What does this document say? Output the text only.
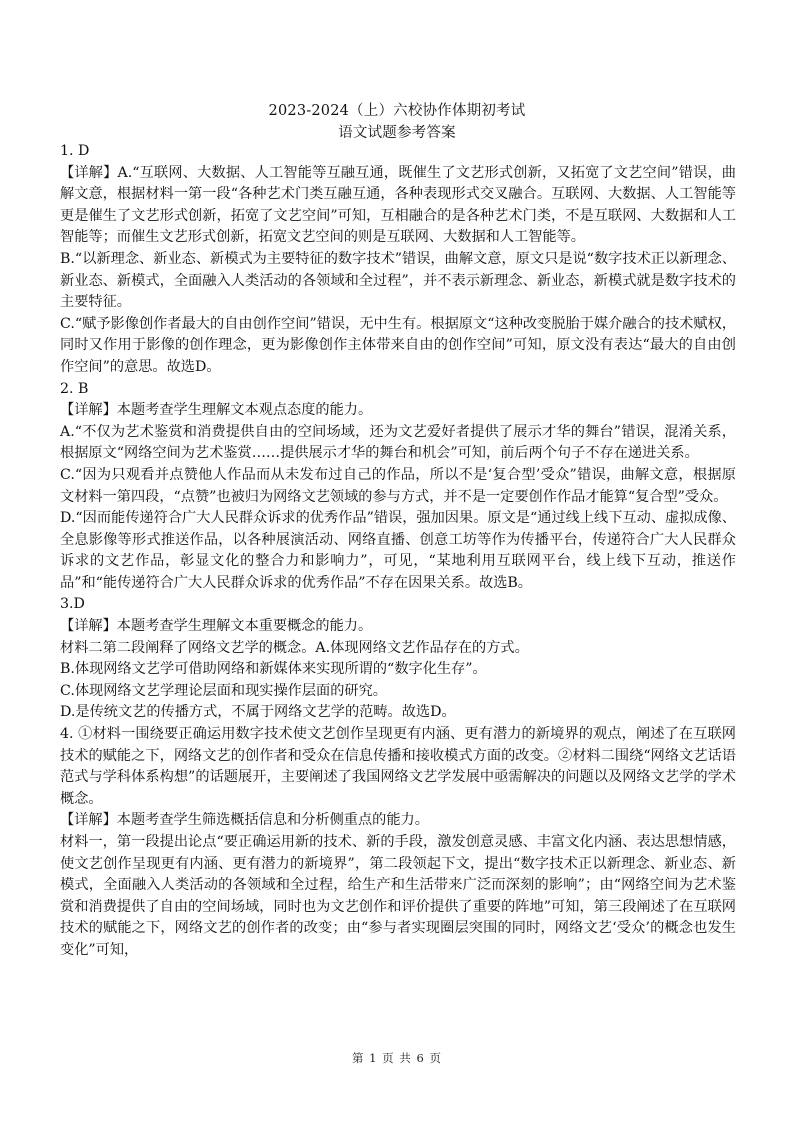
2023-2024（上）六校协作体期初考试
语文试题参考答案

1. D

【详解】A.“互联网、大数据、人工智能等互融互通，既催生了文艺形式创新，又拓宽了文艺空间”错误，曲解文意，根据材料一第一段“各种艺术门类互融互通，各种表现形式交叉融合。互联网、大数据、人工智能等更是催生了文艺形式创新，拓宽了文艺空间”可知，互相融合的是各种艺术门类，不是互联网、大数据和人工智能等；而催生文艺形式创新，拓宽文艺空间的则是互联网、大数据和人工智能等。

B.“以新理念、新业态、新模式为主要特征的数字技术”错误，曲解文意，原文只是说“数字技术正以新理念、新业态、新模式，全面融入人类活动的各领域和全过程”，并不表示新理念、新业态，新模式就是数字技术的主要特征。

C.“赋予影像创作者最大的自由创作空间”错误，无中生有。根据原文“这种改变脱胎于媒介融合的技术赋权，同时又作用于影像的创作理念，更为影像创作主体带来自由的创作空间”可知，原文没有表达“最大的自由创作空间”的意思。故选D。

2. B

【详解】本题考查学生理解文本观点态度的能力。

A.“不仅为艺术鉴赏和消费提供自由的空间场域，还为文艺爱好者提供了展示才华的舞台”错误，混淆关系，根据原文“网络空间为艺术鉴赏……提供展示才华的舞台和机会”可知，前后两个句子不存在递进关系。

C.“因为只观看并点赞他人作品而从未发布过自己的作品，所以不是‘复合型’受众”错误，曲解文意，根据原文材料一第四段，“点赞”也被归为网络文艺领域的参与方式，并不是一定要创作作品才能算“复合型”受众。

D.“因而能传递符合广大人民群众诉求的优秀作品”错误，强加因果。原文是“通过线上线下互动、虚拟成像、全息影像等形式推送作品，以各种展演活动、网络直播、创意工坊等作为传播平台，传递符合广大人民群众诉求的文艺作品，彰显文化的整合力和影响力”，可见，“某地利用互联网平台，线上线下互动，推送作品”和“能传递符合广大人民群众诉求的优秀作品”不存在因果关系。故选B。

3.D

【详解】本题考查学生理解文本重要概念的能力。

材料二第二段阐释了网络文艺学的概念。A.体现网络文艺作品存在的方式。

B.体现网络文艺学可借助网络和新媒体来实现所谓的“数字化生存”。

C.体现网络文艺学理论层面和现实操作层面的研究。

D.是传统文艺的传播方式，不属于网络文艺学的范畴。故选D。

4. ①材料一围绕要正确运用数字技术使文艺创作呈现更有内涵、更有潜力的新境界的观点，阐述了在互联网技术的赋能之下，网络文艺的创作者和受众在信息传播和接收模式方面的改变。②材料二围绕“网络文艺话语范式与学科体系构想”的话题展开，主要阐述了我国网络文艺学发展中亟需解决的问题以及网络文艺学的学术概念。

【详解】本题考查学生筛选概括信息和分析侧重点的能力。

材料一，第一段提出论点“要正确运用新的技术、新的手段，激发创意灵感、丰富文化内涵、表达思想情感，使文艺创作呈现更有内涵、更有潜力的新境界”，第二段领起下文，提出“数字技术正以新理念、新业态、新模式，全面融入人类活动的各领域和全过程，给生产和生活带来广泛而深刻的影响”；由“网络空间为艺术鉴赏和消费提供了自由的空间场域，同时也为文艺创作和评价提供了重要的阵地”可知，第三段阐述了在互联网技术的赋能之下，网络文艺的创作者的改变；由“参与者实现圈层突围的同时，网络文艺‘受众’的概念也发生变化”可知，

第 1 页 共 6 页
